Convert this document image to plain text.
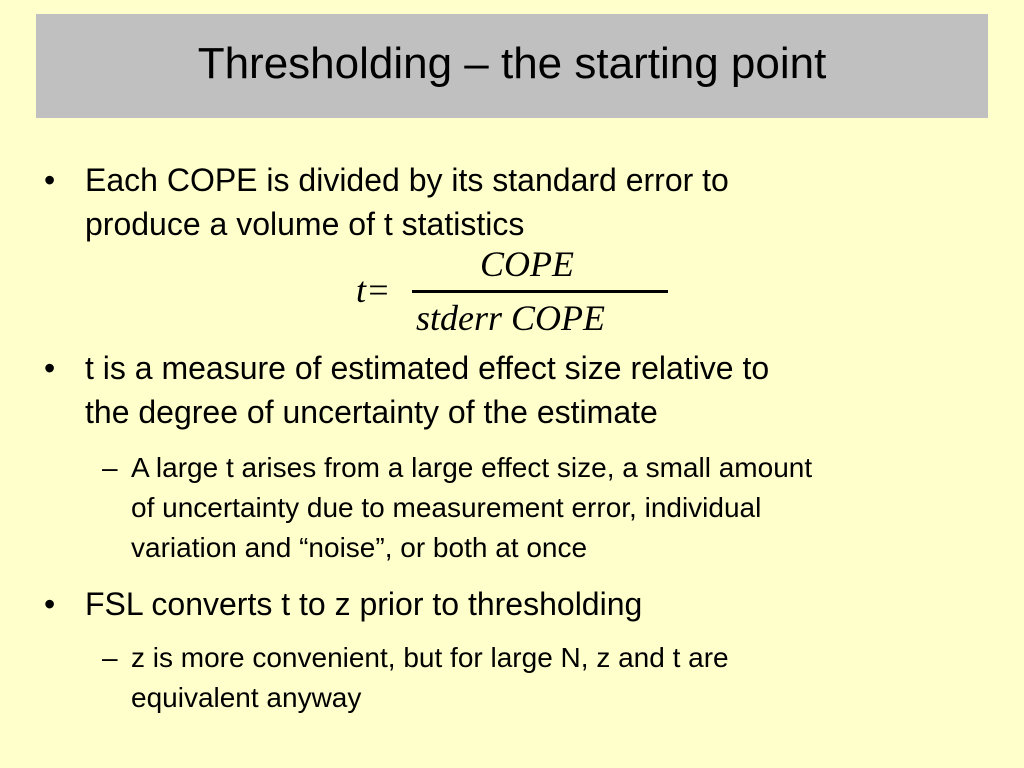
Thresholding – the starting point
• Each COPE is divided by its standard error to
produce a volume of t statistics
t=
COPE
stderr COPE
• t is a measure of estimated effect size relative to
the degree of uncertainty of the estimate
– A large t arises from a large effect size, a small amount
of uncertainty due to measurement error, individual
variation and “noise”, or both at once
• FSL converts t to z prior to thresholding
– z is more convenient, but for large N, z and t are
equivalent anyway
